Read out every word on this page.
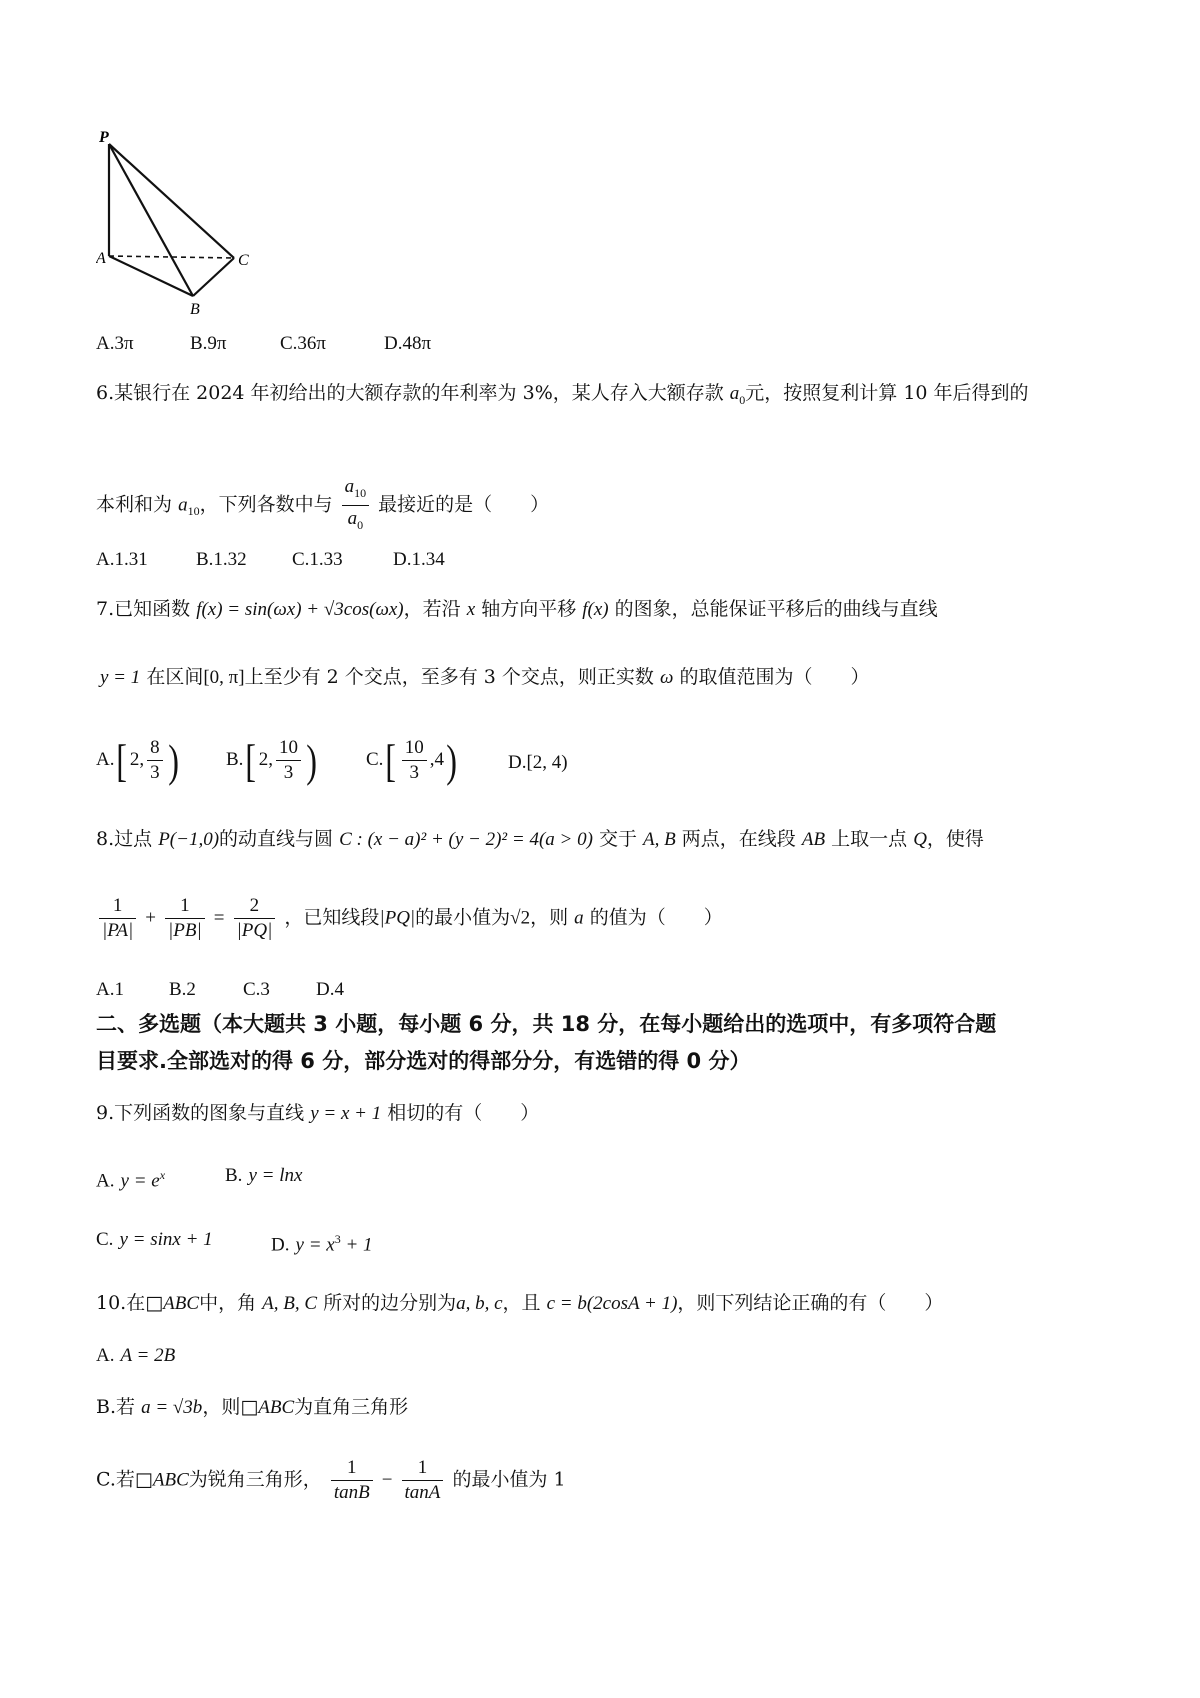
P
A	C
B
A.3π	B.9π	C.36π	D.48π
6.某银行在 2024 年初给出的大额存款的年利率为 3%，某人存入大额存款 $a_0$元，按照复利计算 10 年后得到的
本利和为 $a_{10}$，下列各数中与 $\frac{a_{10}}{a_0}$ 最接近的是（　　）
A.1.31	B.1.32 C.1.33	D.1.34
7.已知函数 f(x) = sin(ωx) + √3cos(ωx)，若沿 x 轴方向平移 f(x) 的图象，总能保证平移后的曲线与直线
y = 1 在区间[0, π]上至少有 2 个交点，至多有 3 个交点，则正实数 ω 的取值范围为（　　）
A.[ 2, $\frac{8}{3}$ ) B.[ 2, $\frac{10}{3}$ )	$C.[ \frac{10}{3} ,4)$	D.[2, 4)
8.过点 P(−1,0)的动直线与圆 C : (x − a)² + (y − 2)² = 4(a > 0) 交于 A, B 两点，在线段 AB 上取一点 Q，使得
$\frac{1}{|PA|} + \frac{1}{|PB|} = \frac{2}{|PQ|}$ ，已知线段|PQ|的最小值为√2，则 a 的值为（　　）
A.1 B.2 C.3 D.4
二、多选题（本大题共 3 小题，每小题 6 分，共 18 分，在每小题给出的选项中，有多项符合题
目要求.全部选对的得 6 分，部分选对的得部分分，有选错的得 0 分）
9.下列函数的图象与直线 y = x + 1 相切的有（　　）
A. $y = e^x$	B. y = lnx
C. y = sinx + 1	D. $y = x^3 + 1$
10.在□ABC中，角 A, B, C 所对的边分别为a, b, c，且 c = b(2cosA + 1)，则下列结论正确的有（　　）
A. A = 2B
B.若 a = √3b，则□ABC为直角三角形
C.若□ABC为锐角三角形， $\frac{1}{\tan B} - \frac{1}{\tan A}$ 的最小值为 1
